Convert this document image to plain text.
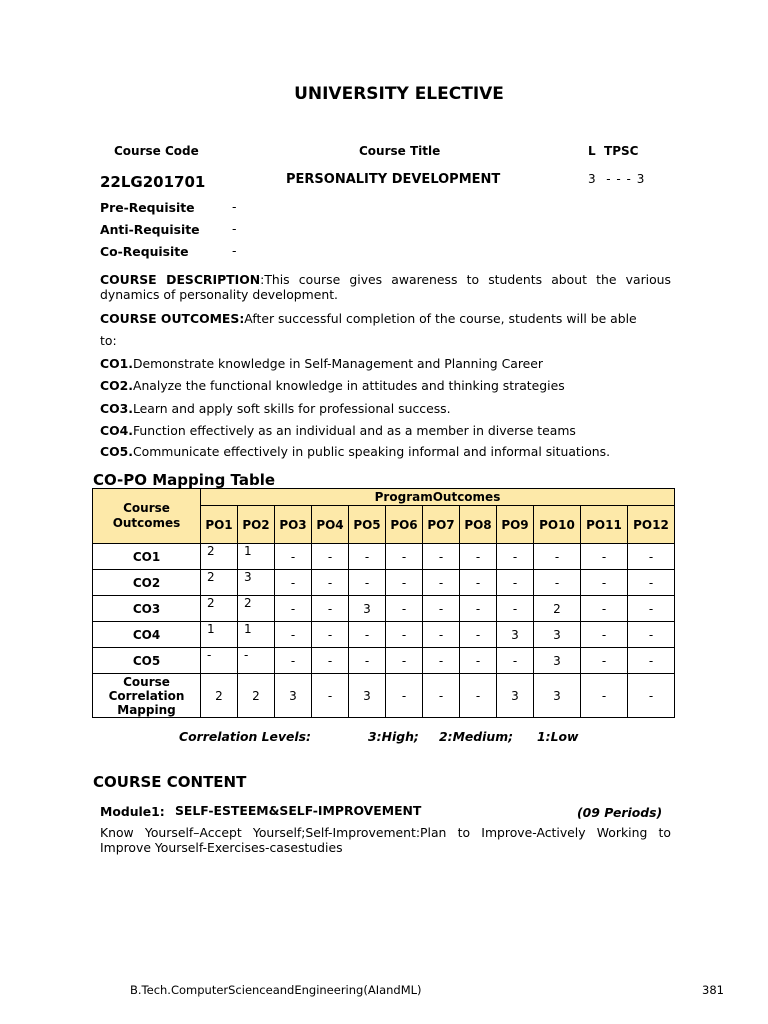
UNIVERSITY ELECTIVE
Course Code	Course Title	L  TPSC
22LG201701	PERSONALITY DEVELOPMENT	3  - - - 3
Pre-Requisite	-
Anti-Requisite	-
Co-Requisite	-
COURSE DESCRIPTION:This course gives awareness to students about the various dynamics of personality development.
COURSE OUTCOMES:After successful completion of the course, students will be able
to:
CO1.Demonstrate knowledge in Self-Management and Planning Career
CO2.Analyze the functional knowledge in attitudes and thinking strategies
CO3.Learn and apply soft skills for professional success.
CO4.Function effectively as an individual and as a member in diverse teams
CO5.Communicate effectively in public speaking informal and informal situations.
CO-PO Mapping Table
Course Outcomes	ProgramOutcomes											
	PO1	PO2	PO3	PO4	PO5	PO6	PO7	PO8	PO9	PO10	PO11	PO12
CO1	2	1	-	-	-	-	-	-	-	-	-	-
CO2	2	3	-	-	-	-	-	-	-	-	-	-
CO3	2	2	-	-	3	-	-	-	-	2	-	-
CO4	1	1	-	-	-	-	-	-	3	3	-	-
CO5	-	-	-	-	-	-	-	-	-	3	-	-
Course Correlation Mapping	2	2	3	-	3	-	-	-	3	3	-	-
Correlation Levels:	3:High; 2:Medium; 1:Low
COURSE CONTENT
Module1: SELF-ESTEEM&SELF-IMPROVEMENT	(09 Periods)
Know Yourself–Accept Yourself;Self-Improvement:Plan to Improve-Actively Working to Improve Yourself-Exercises-casestudies
B.Tech.ComputerScienceandEngineering(AIandML)	381
